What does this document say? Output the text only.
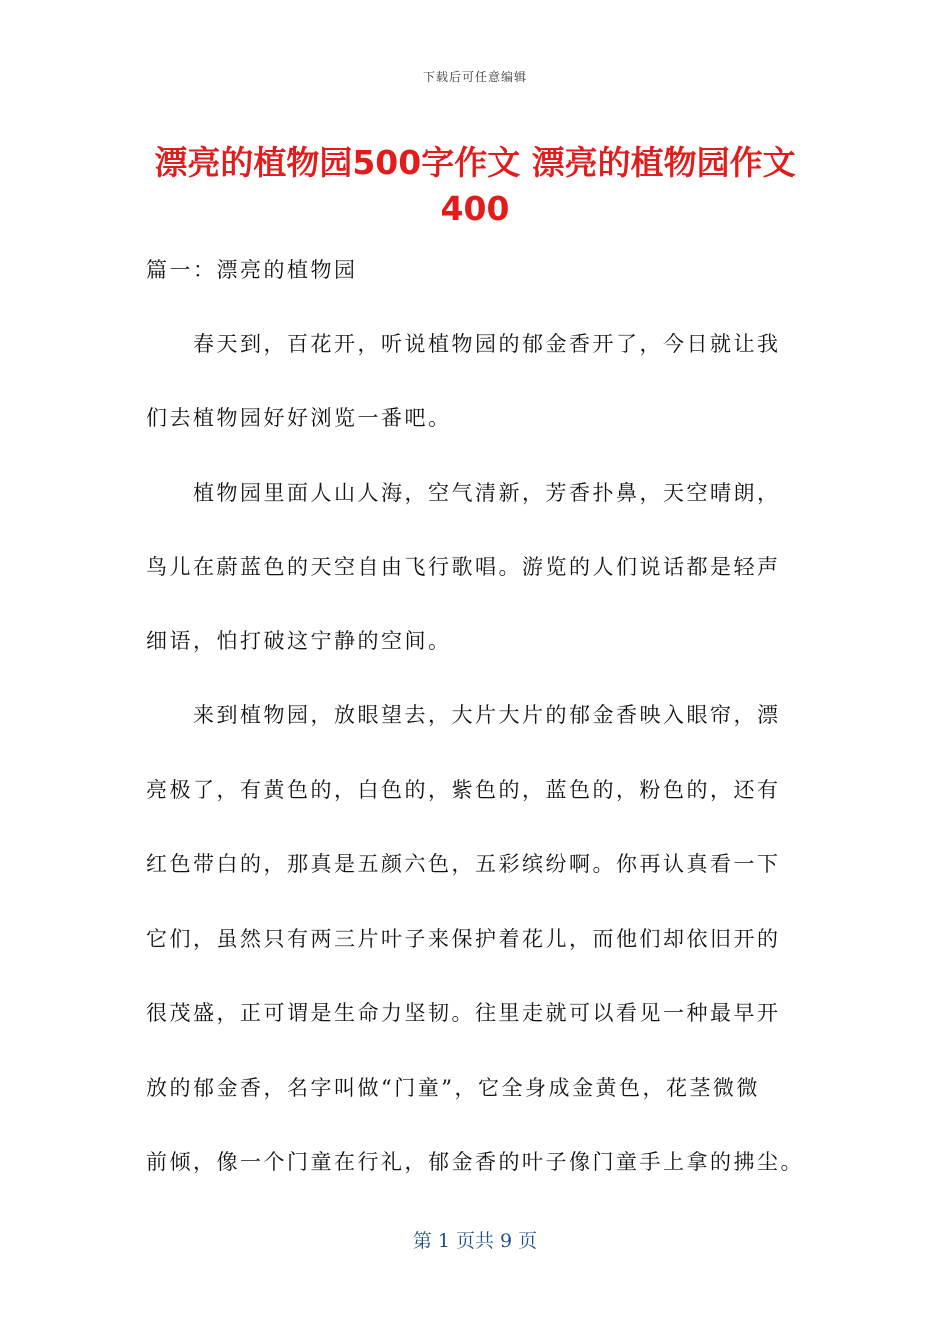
下载后可任意编辑
漂亮的植物园500字作文 漂亮的植物园作文400
篇一：漂亮的植物园
　　春天到，百花开，听说植物园的郁金香开了，今日就让我
们去植物园好好浏览一番吧。
　　植物园里面人山人海，空气清新，芳香扑鼻，天空晴朗，
鸟儿在蔚蓝色的天空自由飞行歌唱。游览的人们说话都是轻声
细语，怕打破这宁静的空间。
　　来到植物园，放眼望去，大片大片的郁金香映入眼帘，漂
亮极了，有黄色的，白色的，紫色的，蓝色的，粉色的，还有
红色带白的，那真是五颜六色，五彩缤纷啊。你再认真看一下
它们，虽然只有两三片叶子来保护着花儿，而他们却依旧开的
很茂盛，正可谓是生命力坚韧。往里走就可以看见一种最早开
放的郁金香，名字叫做“门童”，它全身成金黄色，花茎微微
前倾，像一个门童在行礼，郁金香的叶子像门童手上拿的拂尘。
第 1 页共 9 页
